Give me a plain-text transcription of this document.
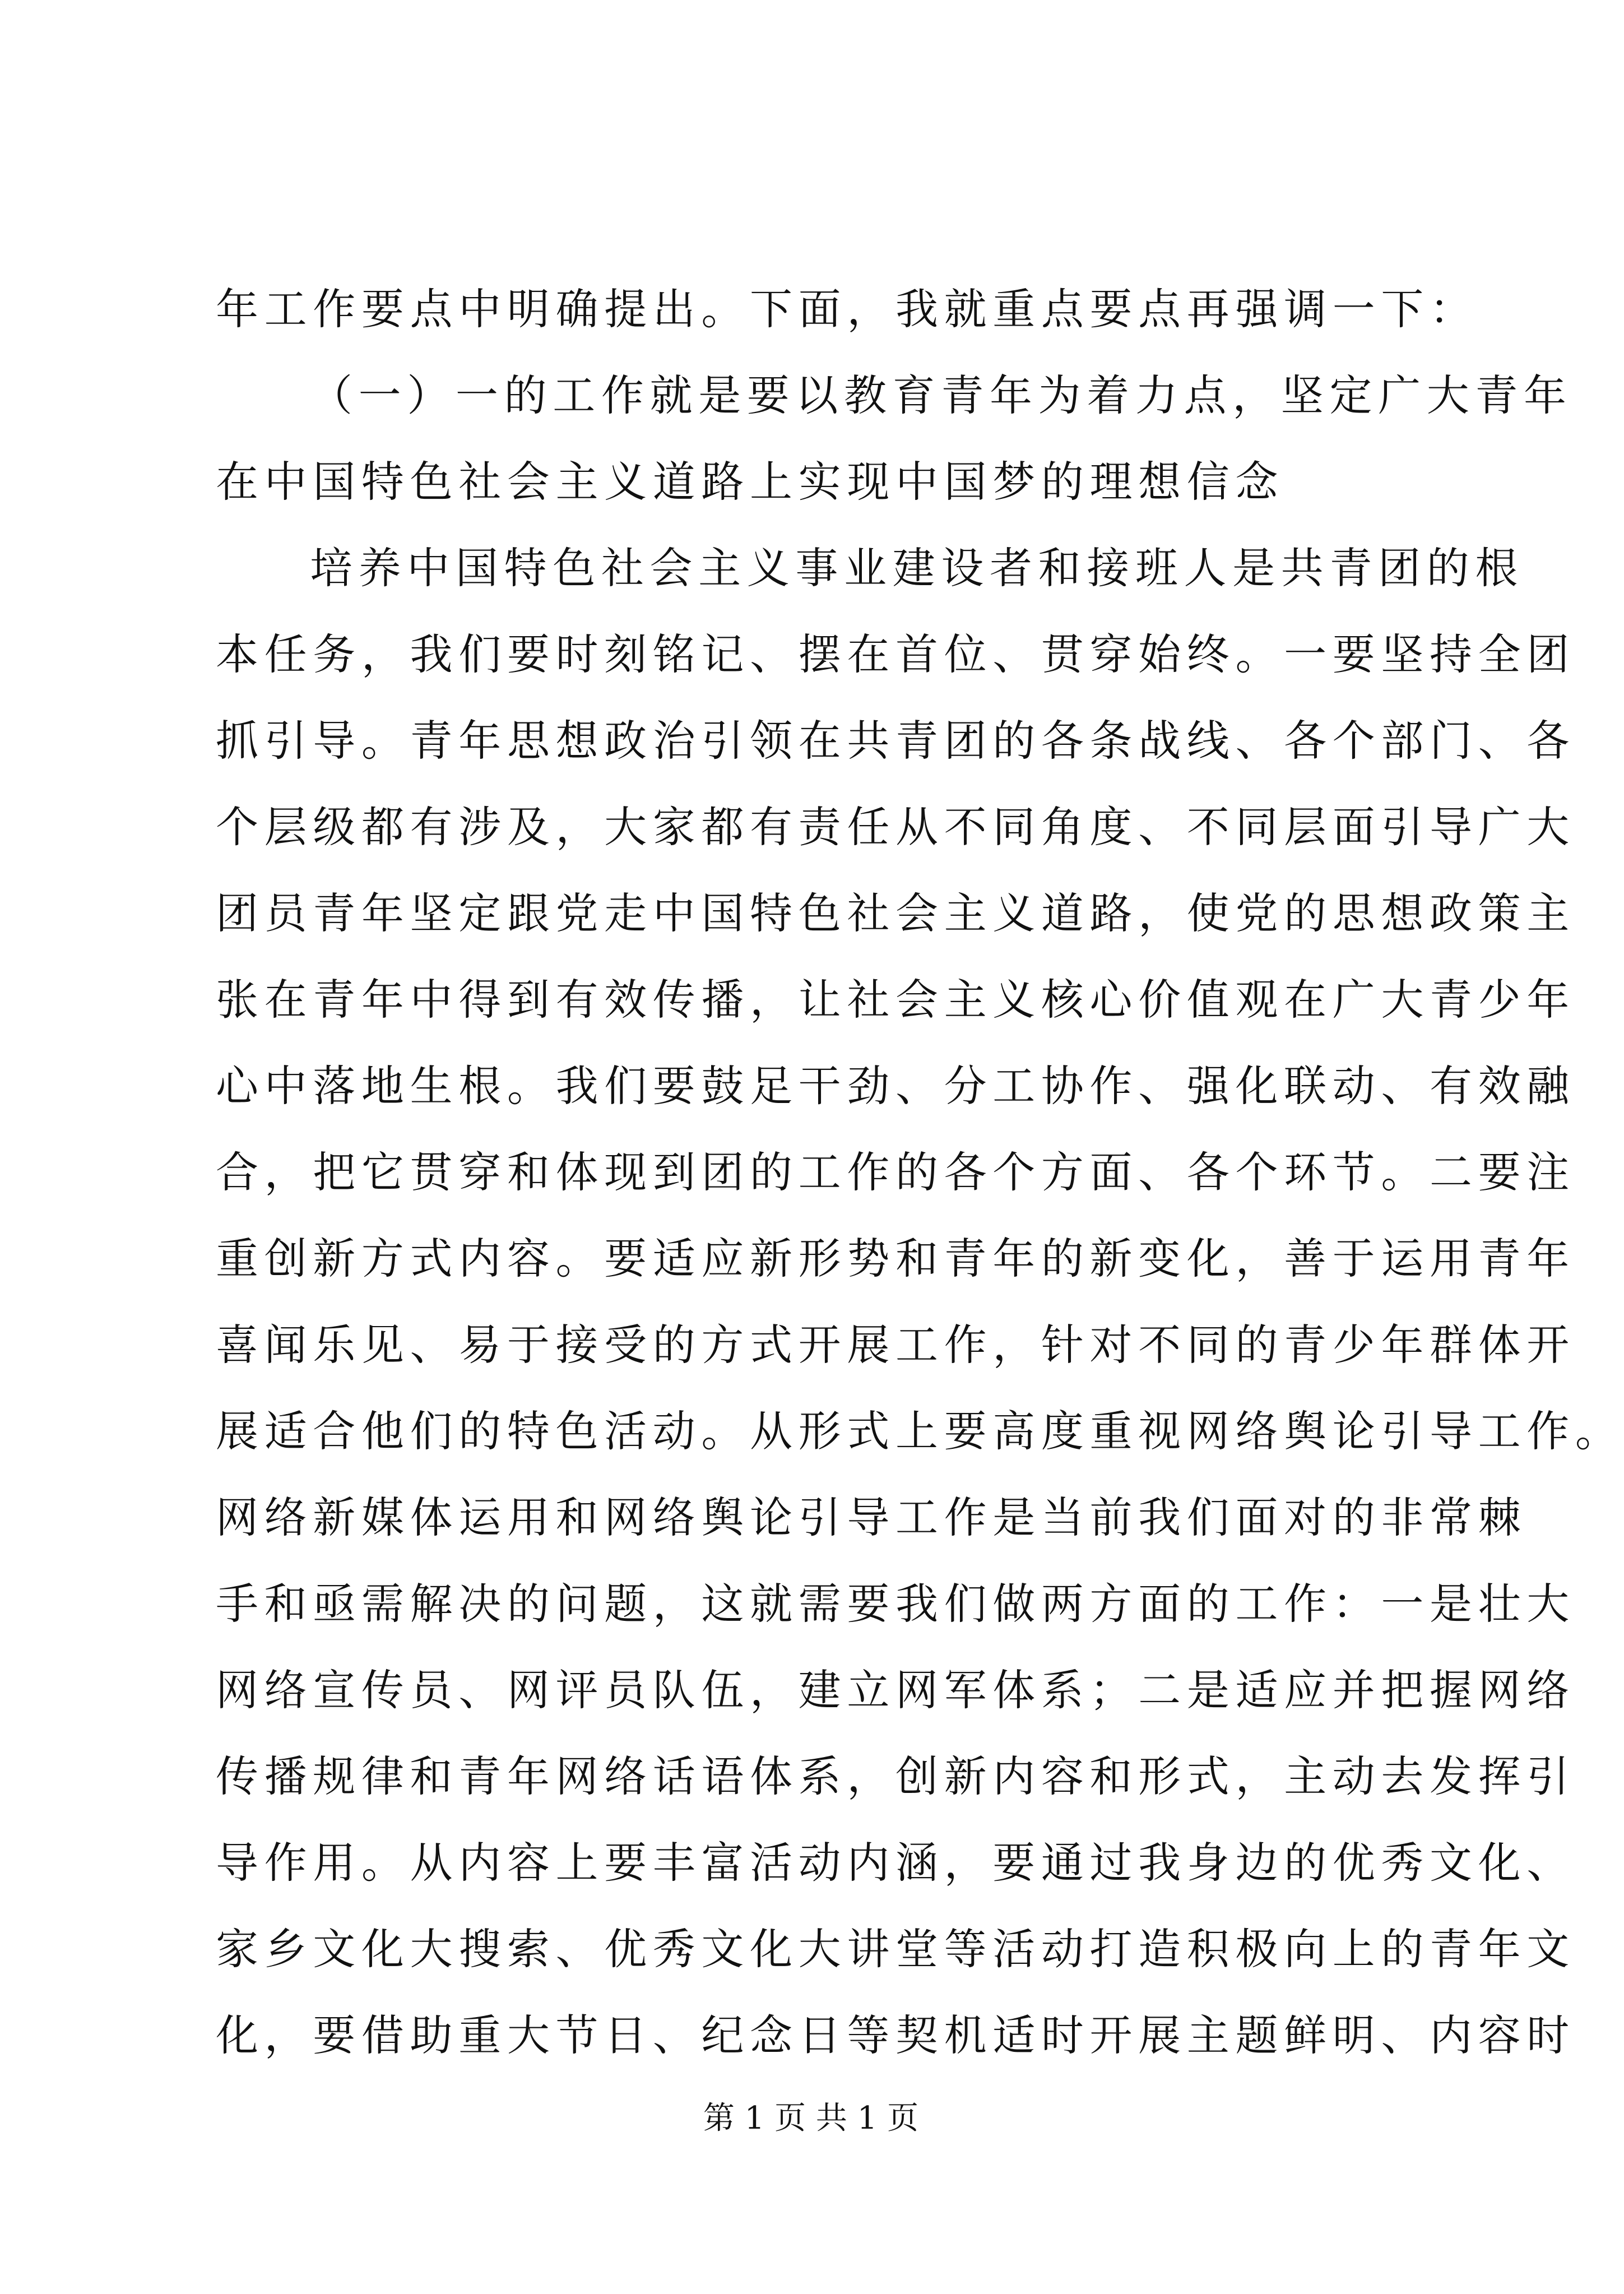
年工作要点中明确提出。下面，我就重点要点再强调一下：
（一）一的工作就是要以教育青年为着力点，坚定广大青年
在中国特色社会主义道路上实现中国梦的理想信念
培养中国特色社会主义事业建设者和接班人是共青团的根
本任务，我们要时刻铭记、摆在首位、贯穿始终。一要坚持全团
抓引导。青年思想政治引领在共青团的各条战线、各个部门、各
个层级都有涉及，大家都有责任从不同角度、不同层面引导广大
团员青年坚定跟党走中国特色社会主义道路，使党的思想政策主
张在青年中得到有效传播，让社会主义核心价值观在广大青少年
心中落地生根。我们要鼓足干劲、分工协作、强化联动、有效融
合，把它贯穿和体现到团的工作的各个方面、各个环节。二要注
重创新方式内容。要适应新形势和青年的新变化，善于运用青年
喜闻乐见、易于接受的方式开展工作，针对不同的青少年群体开
展适合他们的特色活动。从形式上要高度重视网络舆论引导工作。
网络新媒体运用和网络舆论引导工作是当前我们面对的非常棘
手和亟需解决的问题，这就需要我们做两方面的工作：一是壮大
网络宣传员、网评员队伍，建立网军体系；二是适应并把握网络
传播规律和青年网络话语体系，创新内容和形式，主动去发挥引
导作用。从内容上要丰富活动内涵，要通过我身边的优秀文化、
家乡文化大搜索、优秀文化大讲堂等活动打造积极向上的青年文
化，要借助重大节日、纪念日等契机适时开展主题鲜明、内容时
第 1 页 共 1 页
